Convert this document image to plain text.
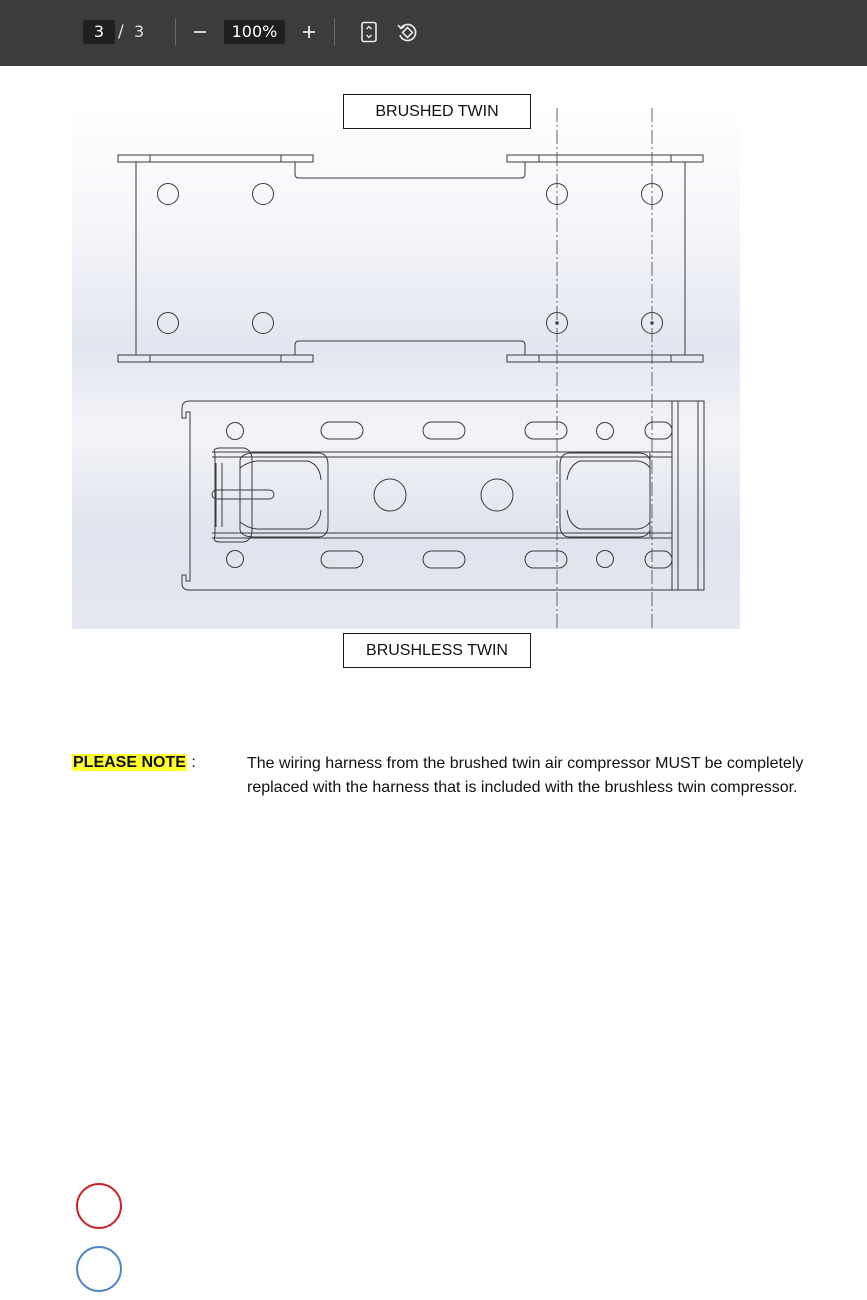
3 / 3	100%
BRUSHED TWIN
BRUSHLESS TWIN
PLEASE NOTE :	The wiring harness from the brushed twin air compressor MUST be completely replaced with the harness that is included with the brushless twin compressor.
